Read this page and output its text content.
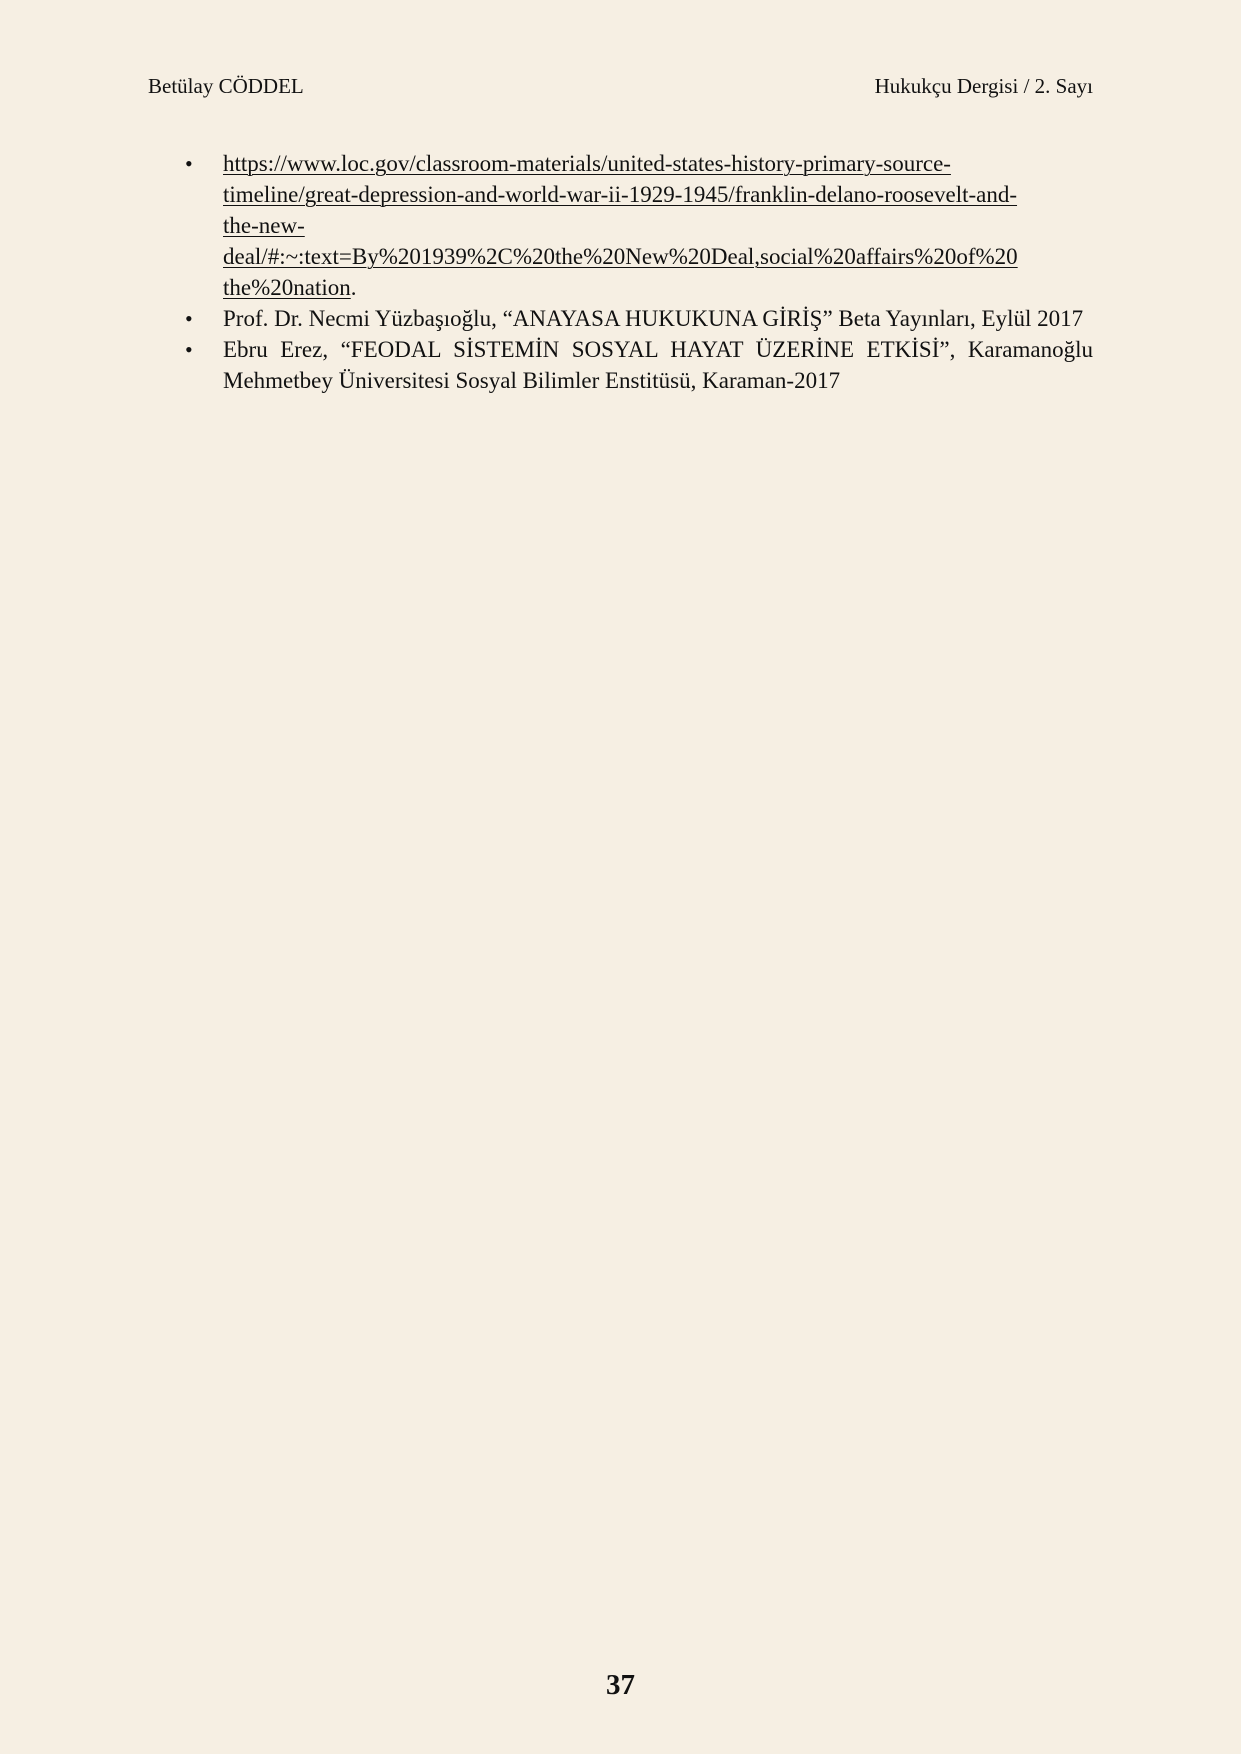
Betülay CÖDDEL	Hukukçu Dergisi / 2. Sayı
•	https://www.loc.gov/classroom-materials/united-states-history-primary-source-
timeline/great-depression-and-world-war-ii-1929-1945/franklin-delano-roosevelt-and-
the-new-
deal/#:~:text=By%201939%2C%20the%20New%20Deal,social%20affairs%20of%20
the%20nation.
•	Prof. Dr. Necmi Yüzbaşıoğlu, “ANAYASA HUKUKUNA GİRİŞ” Beta Yayınları, Eylül 2017
•	Ebru Erez, “FEODAL SİSTEMİN SOSYAL HAYAT ÜZERİNE ETKİSİ”, Karamanoğlu Mehmetbey Üniversitesi Sosyal Bilimler Enstitüsü, Karaman-2017
37
